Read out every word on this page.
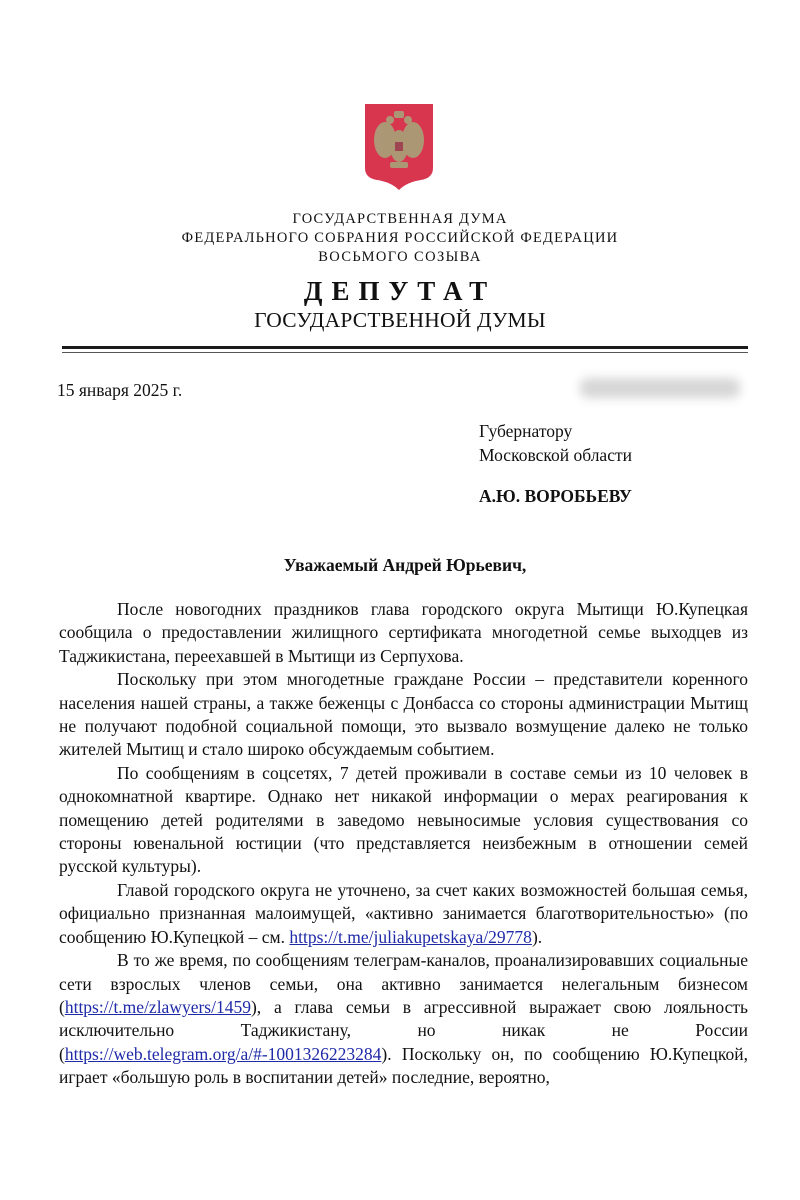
ГОСУДАРСТВЕННАЯ ДУМА
ФЕДЕРАЛЬНОГО СОБРАНИЯ РОССИЙСКОЙ ФЕДЕРАЦИИ
ВОСЬМОГО СОЗЫВА
ДЕПУТАТ
ГОСУДАРСТВЕННОЙ ДУМЫ
15 января 2025 г.
Губернатору
Московской области
А.Ю. ВОРОБЬЕВУ
Уважаемый Андрей Юрьевич,

После новогодних праздников глава городского округа Мытищи Ю.Купецкая сообщила о предоставлении жилищного сертификата многодетной семье выходцев из Таджикистана, переехавшей в Мытищи из Серпухова.

Поскольку при этом многодетные граждане России – представители коренного населения нашей страны, а также беженцы с Донбасса со стороны администрации Мытищ не получают подобной социальной помощи, это вызвало возмущение далеко не только жителей Мытищ и стало широко обсуждаемым событием.

По сообщениям в соцсетях, 7 детей проживали в составе семьи из 10 человек в однокомнатной квартире. Однако нет никакой информации о мерах реагирования к помещению детей родителями в заведомо невыносимые условия существования со стороны ювенальной юстиции (что представляется неизбежным в отношении семей русской культуры).

Главой городского округа не уточнено, за счет каких возможностей большая семья, официально признанная малоимущей, «активно занимается благотворительностью» (по сообщению Ю.Купецкой – см. https://t.me/juliakupetskaya/29778).

В то же время, по сообщениям телеграм-каналов, проанализировавших социальные сети взрослых членов семьи, она активно занимается нелегальным бизнесом (https://t.me/zlawyers/1459), а глава семьи в агрессивной выражает свою лояльность исключительно Таджикистану, но никак не России (https://web.telegram.org/a/#-1001326223284). Поскольку он, по сообщению Ю.Купецкой, играет «большую роль в воспитании детей» последние, вероятно,
